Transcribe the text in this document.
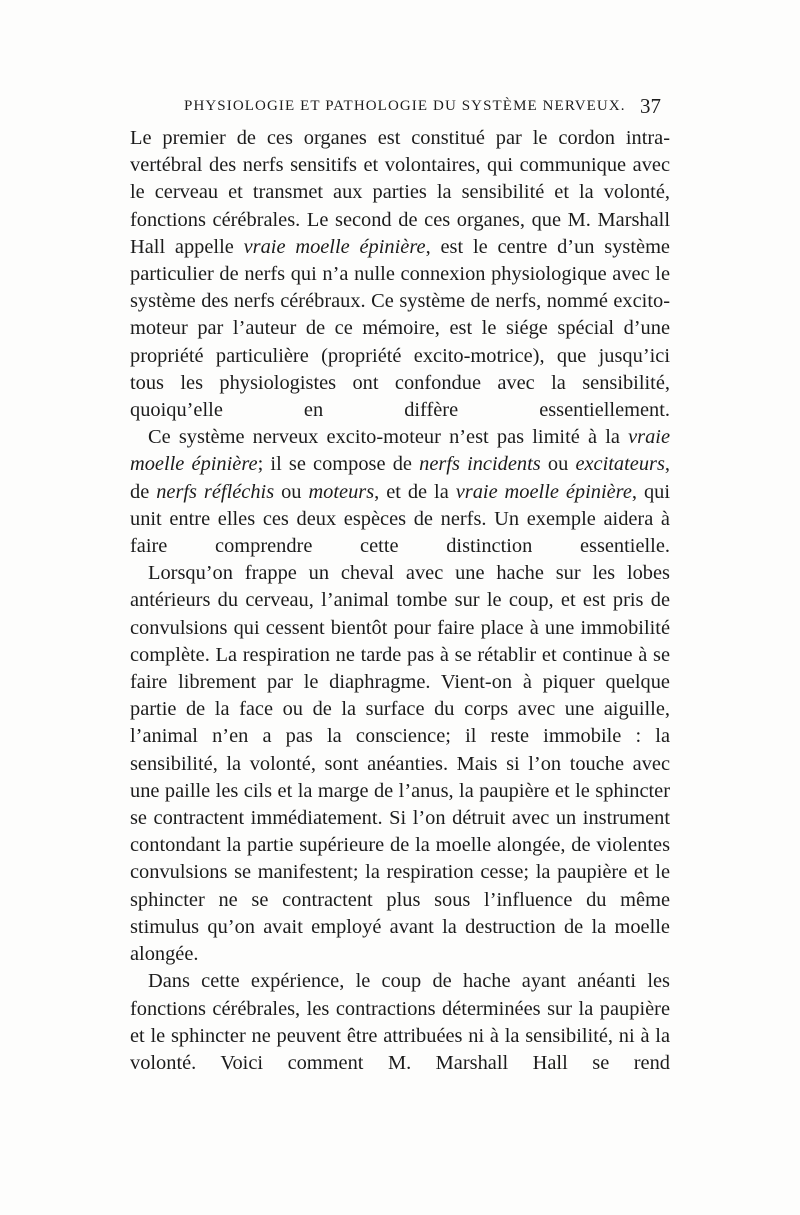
PHYSIOLOGIE ET PATHOLOGIE DU SYSTÈME NERVEUX. 37

Le premier de ces organes est constitué par le cordon intra-vertébral des nerfs sensitifs et volontaires, qui communique avec le cerveau et transmet aux parties la sensibilité et la volonté, fonctions cérébrales. Le second de ces organes, que M. Marshall Hall appelle vraie moelle épinière, est le centre d’un système particulier de nerfs qui n’a nulle connexion physiologique avec le système des nerfs cérébraux. Ce système de nerfs, nommé excito-moteur par l’auteur de ce mémoire, est le siége spécial d’une propriété particulière (propriété excito-motrice), que jusqu’ici tous les physiologistes ont confondue avec la sensibilité, quoiqu’elle en diffère essentiellement.

Ce système nerveux excito-moteur n’est pas limité à la vraie moelle épinière; il se compose de nerfs incidents ou excitateurs, de nerfs réfléchis ou moteurs, et de la vraie moelle épinière, qui unit entre elles ces deux espèces de nerfs. Un exemple aidera à faire comprendre cette distinction essentielle.

Lorsqu’on frappe un cheval avec une hache sur les lobes antérieurs du cerveau, l’animal tombe sur le coup, et est pris de convulsions qui cessent bientôt pour faire place à une immobilité complète. La respiration ne tarde pas à se rétablir et continue à se faire librement par le diaphragme. Vient-on à piquer quelque partie de la face ou de la surface du corps avec une aiguille, l’animal n’en a pas la conscience; il reste immobile : la sensibilité, la volonté, sont anéanties. Mais si l’on touche avec une paille les cils et la marge de l’anus, la paupière et le sphincter se contractent immédiatement. Si l’on détruit avec un instrument contondant la partie supérieure de la moelle alongée, de violentes convulsions se manifestent; la respiration cesse; la paupière et le sphincter ne se contractent plus sous l’influence du même stimulus qu’on avait employé avant la destruction de la moelle alongée.

Dans cette expérience, le coup de hache ayant anéanti les fonctions cérébrales, les contractions déterminées sur la paupière et le sphincter ne peuvent être attribuées ni à la sensibilité, ni à la volonté. Voici comment M. Marshall Hall se rend
